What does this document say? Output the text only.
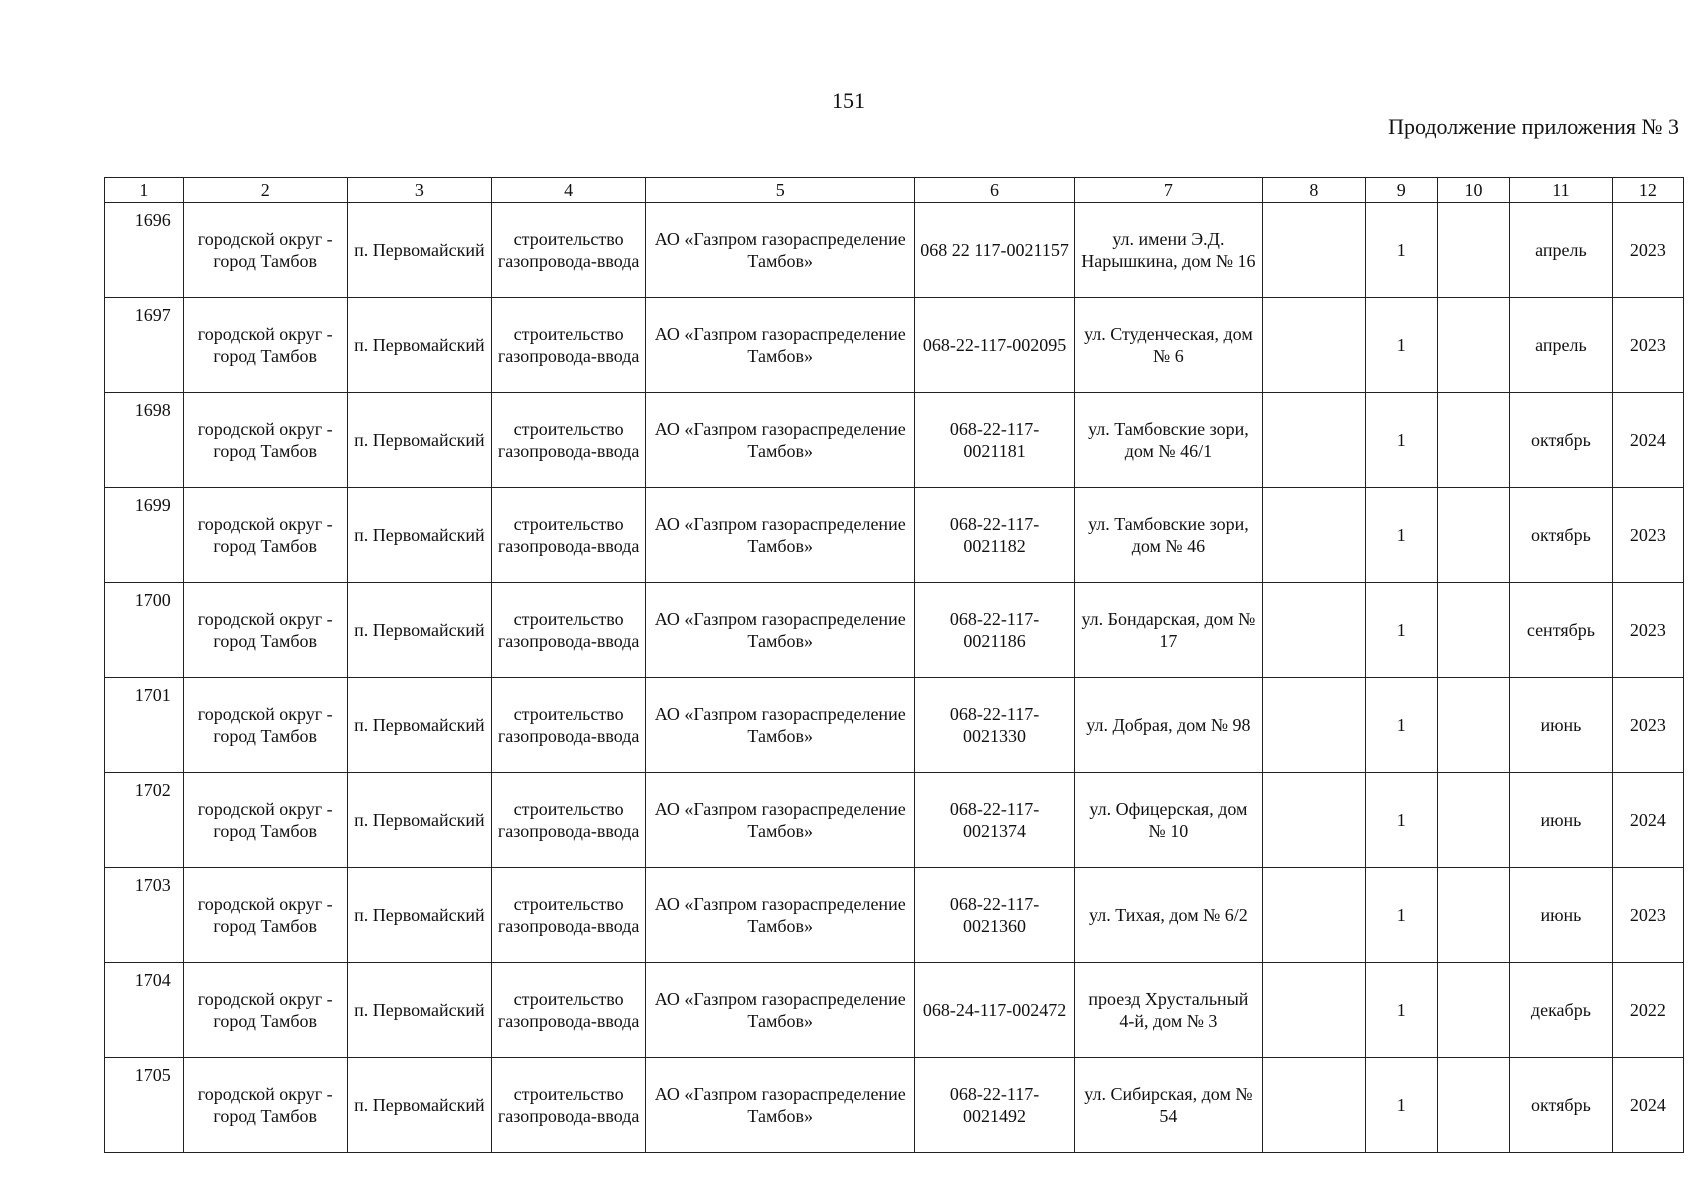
151
Продолжение приложения № 3
1	2	3	4	5	6	7	8	9	10	11	12
1696	городской округ - город Тамбов	п. Первомайский	строительство газопровода-ввода	АО «Газпром газораспределение Тамбов»	068 22 117-0021157	ул. имени Э.Д. Нарышкина, дом № 16		1		апрель	2023
1697	городской округ - город Тамбов	п. Первомайский	строительство газопровода-ввода	АО «Газпром газораспределение Тамбов»	068-22-117-002095	ул. Студенческая, дом № 6		1		апрель	2023
1698	городской округ - город Тамбов	п. Первомайский	строительство газопровода-ввода	АО «Газпром газораспределение Тамбов»	068-22-117-0021181	ул. Тамбовские зори, дом № 46/1		1		октябрь	2024
1699	городской округ - город Тамбов	п. Первомайский	строительство газопровода-ввода	АО «Газпром газораспределение Тамбов»	068-22-117-0021182	ул. Тамбовские зори, дом № 46		1		октябрь	2023
1700	городской округ - город Тамбов	п. Первомайский	строительство газопровода-ввода	АО «Газпром газораспределение Тамбов»	068-22-117-0021186	ул. Бондарская, дом № 17		1		сентябрь	2023
1701	городской округ - город Тамбов	п. Первомайский	строительство газопровода-ввода	АО «Газпром газораспределение Тамбов»	068-22-117-0021330	ул. Добрая, дом № 98		1		июнь	2023
1702	городской округ - город Тамбов	п. Первомайский	строительство газопровода-ввода	АО «Газпром газораспределение Тамбов»	068-22-117-0021374	ул. Офицерская, дом № 10		1		июнь	2024
1703	городской округ - город Тамбов	п. Первомайский	строительство газопровода-ввода	АО «Газпром газораспределение Тамбов»	068-22-117-0021360	ул. Тихая, дом № 6/2		1		июнь	2023
1704	городской округ - город Тамбов	п. Первомайский	строительство газопровода-ввода	АО «Газпром газораспределение Тамбов»	068-24-117-002472	проезд Хрустальный 4-й, дом № 3		1		декабрь	2022
1705	городской округ - город Тамбов	п. Первомайский	строительство газопровода-ввода	АО «Газпром газораспределение Тамбов»	068-22-117-0021492	ул. Сибирская, дом № 54		1		октябрь	2024
